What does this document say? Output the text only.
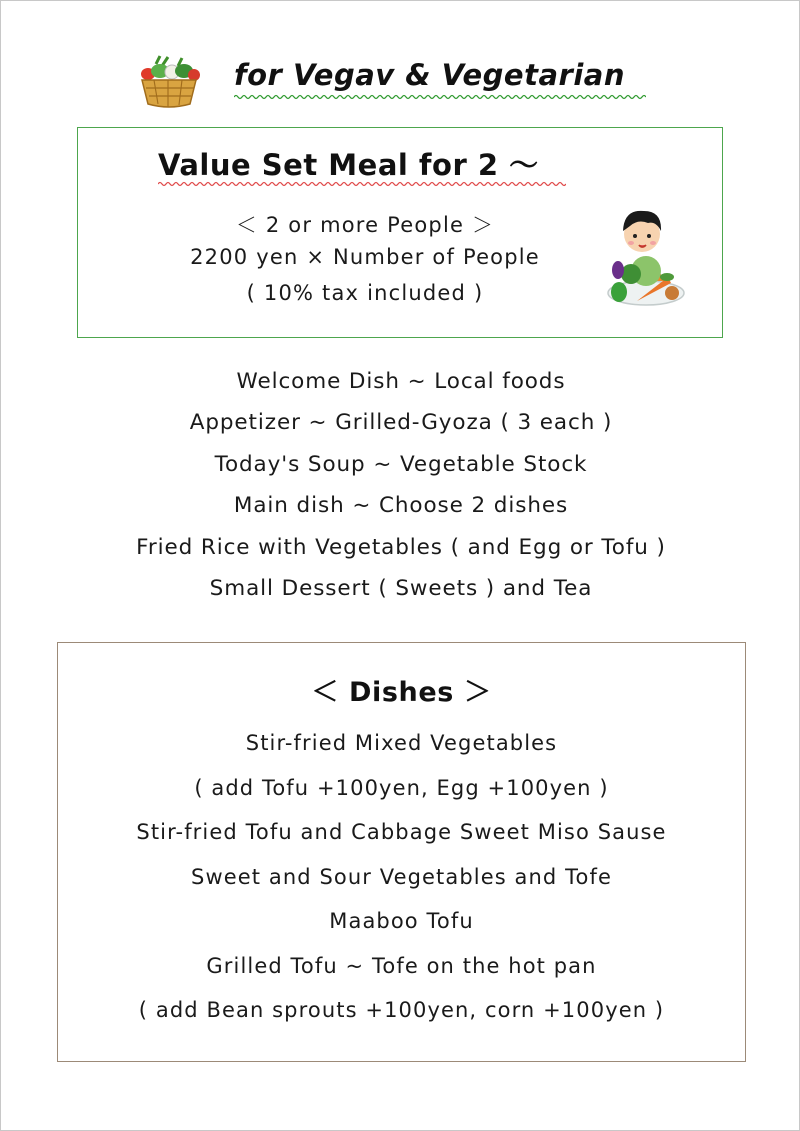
for Vegav & Vegetarian
Value Set Meal for 2 ～
＜ 2 or more People ＞
2200 yen × Number of People
( 10% tax included )
Welcome Dish ~ Local foods
Appetizer ~ Grilled-Gyoza ( 3 each )
Today's Soup ~ Vegetable Stock
Main dish ~ Choose 2 dishes
Fried Rice with Vegetables ( and Egg or Tofu )
Small Dessert ( Sweets ) and Tea
＜ Dishes ＞
Stir-fried Mixed Vegetables
( add Tofu +100yen, Egg +100yen )
Stir-fried Tofu and Cabbage Sweet Miso Sause
Sweet and Sour Vegetables and Tofe
Maaboo Tofu
Grilled Tofu ~ Tofe on the hot pan
( add Bean sprouts +100yen, corn +100yen )
